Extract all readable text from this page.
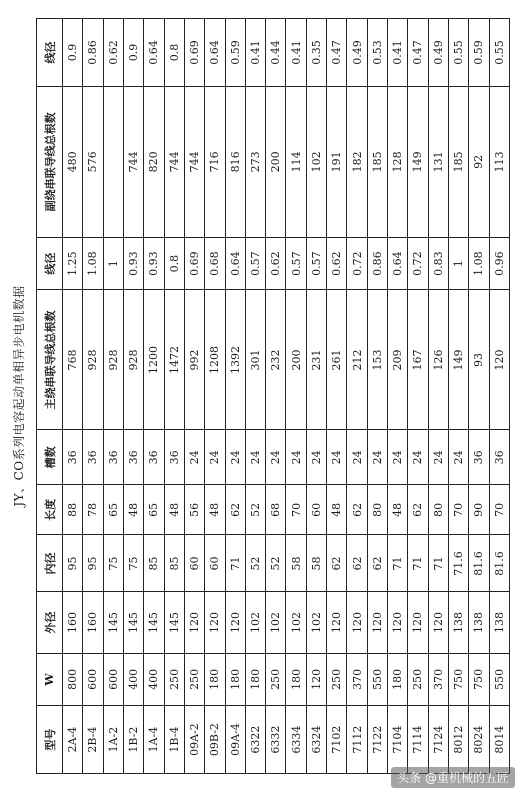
JY、CO系列电容起动单相异步电机数据
型号	W	外径	内径	长度	槽数	主绕串联导线总根数	线径	副绕串联导线总根数	线径
2A-4	800	160	95	88	36	768	1.25	480	0.9
2B-4	600	160	95	78	36	928	1.08	576	0.86
1A-2	600	145	75	65	36	928	1		0.62
1B-2	400	145	75	48	36	928	0.93	744	0.9
1A-4	400	145	85	65	36	1200	0.93	820	0.64
1B-4	250	145	85	48	36	1472	0.8	744	0.8
09A-2	250	120	60	56	24	992	0.69	744	0.69
09B-2	180	120	60	48	24	1208	0.68	716	0.64
09A-4	180	120	71	62	24	1392	0.64	816	0.59
6322	180	102	52	52	24	301	0.57	273	0.41
6332	250	102	52	68	24	232	0.62	200	0.44
6334	180	102	58	70	24	200	0.57	114	0.41
6324	120	102	58	60	24	231	0.57	102	0.35
7102	250	120	62	48	24	261	0.62	191	0.47
7112	370	120	62	62	24	212	0.72	182	0.49
7122	550	120	62	80	24	153	0.86	185	0.53
7104	180	120	71	48	24	209	0.64	128	0.41
7114	250	120	71	62	24	167	0.72	149	0.47
7124	370	120	71	80	24	126	0.83	131	0.49
8012	750	138	71.6	70	24	149	1	185	0.55
8024	750	138	81.6	90	36	93	1.08	92	0.59
8014	550	138	81.6	70	36	120	0.96	113	0.55
头条 @重机械的五匠
